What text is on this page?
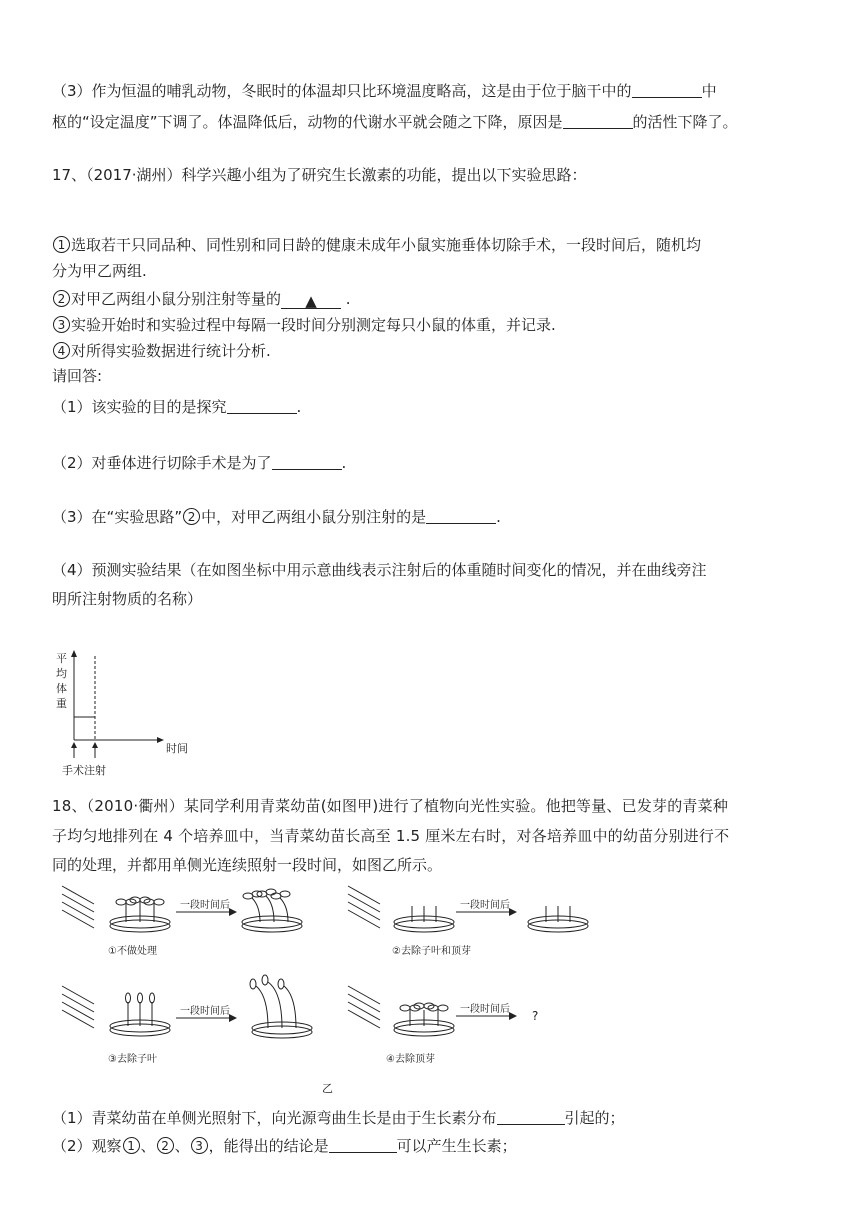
（3）作为恒温的哺乳动物，冬眠时的体温却只比环境温度略高，这是由于位于脑干中的	中
枢的“设定温度”下调了。体温降低后，动物的代谢水平就会随之下降，原因是	的活性下降了。
17、（2017·湖州）科学兴趣小组为了研究生长激素的功能，提出以下实验思路：
1 选取若干只同品种、同性别和同日龄的健康未成年小鼠实施垂体切除手术，一段时间后，随机均
分为甲乙两组.
2 对甲乙两组小鼠分别注射等量的 ▲ .
3 实验开始时和实验过程中每隔一段时间分别测定每只小鼠的体重，并记录.
4 对所得实验数据进行统计分析.
请回答:
（1）该实验的目的是探究	.
（2）对垂体进行切除手术是为了	.
（3）在“实验思路” 2 中，对甲乙两组小鼠分别注射的是	.
（4）预测实验结果（在如图坐标中用示意曲线表示注射后的体重随时间变化的情况，并在曲线旁注
明所注射物质的名称）
平
均
体
重
时间
手术注射
18、（2010·衢州）某同学利用青菜幼苗(如图甲)进行了植物向光性实验。他把等量、已发芽的青菜种
子均匀地排列在 4 个培养皿中，当青菜幼苗长高至 1.5 厘米左右时，对各培养皿中的幼苗分别进行不
同的处理，并都用单侧光连续照射一段时间，如图乙所示。
一段时间后
①不做处理
一段时间后
②去除子叶和顶芽
一段时间后
③去除子叶
一段时间后 ?
④去除顶芽
乙
（1）青菜幼苗在单侧光照射下，向光源弯曲生长是由于生长素分布	引起的；
（2）观察 1 、 2 、 3 ，能得出的结论是	可以产生生长素；
